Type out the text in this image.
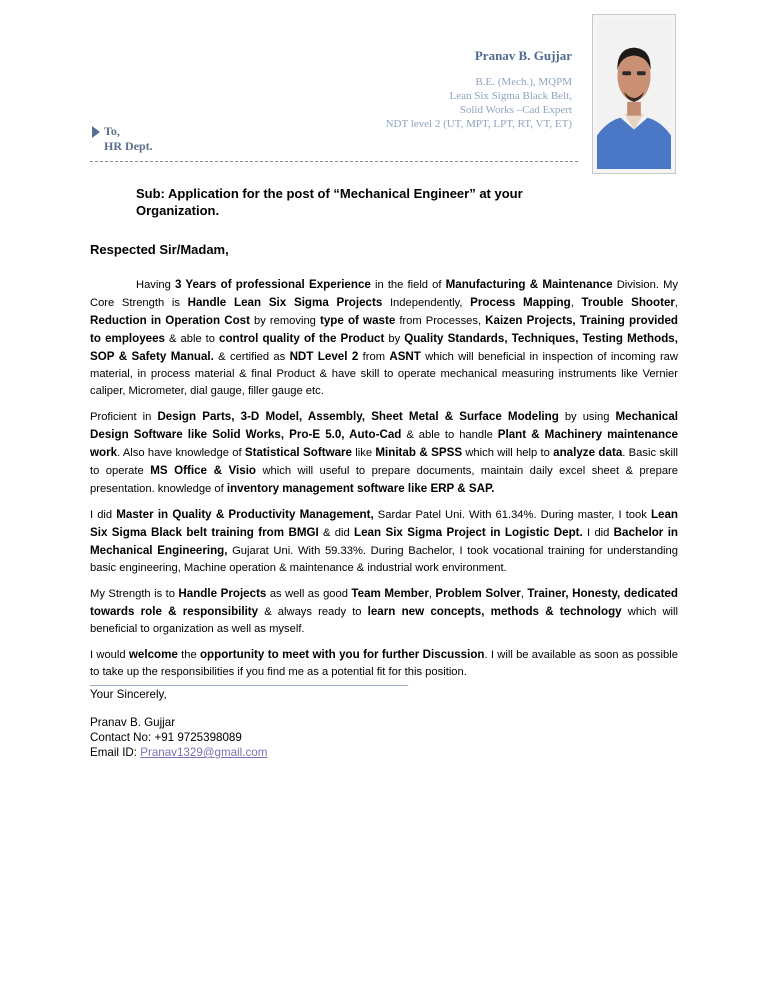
Pranav B. Gujjar
B.E. (Mech.), MQPM
Lean Six Sigma Black Belt,
Solid Works –Cad Expert
NDT level 2 (UT, MPT, LPT, RT, VT, ET)
To,
HR Dept.
Sub: Application for the post of “Mechanical Engineer” at your Organization.
Respected Sir/Madam,

Having 3 Years of professional Experience in the field of Manufacturing & Maintenance Division. My Core Strength is Handle Lean Six Sigma Projects Independently, Process Mapping, Trouble Shooter, Reduction in Operation Cost by removing type of waste from Processes, Kaizen Projects, Training provided to employees & able to control quality of the Product by Quality Standards, Techniques, Testing Methods, SOP & Safety Manual. & certified as NDT Level 2 from ASNT which will beneficial in inspection of incoming raw material, in process material & final Product & have skill to operate mechanical measuring instruments like Vernier caliper, Micrometer, dial gauge, filler gauge etc.

Proficient in Design Parts, 3-D Model, Assembly, Sheet Metal & Surface Modeling by using Mechanical Design Software like Solid Works, Pro-E 5.0, Auto-Cad & able to handle Plant & Machinery maintenance work. Also have knowledge of Statistical Software like Minitab & SPSS which will help to analyze data. Basic skill to operate MS Office & Visio which will useful to prepare documents, maintain daily excel sheet & prepare presentation. knowledge of inventory management software like ERP & SAP.

I did Master in Quality & Productivity Management, Sardar Patel Uni. With 61.34%. During master, I took Lean Six Sigma Black belt training from BMGI & did Lean Six Sigma Project in Logistic Dept. I did Bachelor in Mechanical Engineering, Gujarat Uni. With 59.33%. During Bachelor, I took vocational training for understanding basic engineering, Machine operation & maintenance & industrial work environment.

My Strength is to Handle Projects as well as good Team Member, Problem Solver, Trainer, Honesty, dedicated towards role & responsibility & always ready to learn new concepts, methods & technology which will beneficial to organization as well as myself.

I would welcome the opportunity to meet with you for further Discussion. I will be available as soon as possible to take up the responsibilities if you find me as a potential fit for this position.

Your Sincerely,
Pranav B. Gujjar
Contact No: +91 9725398089
Email ID: Pranav1329@gmail.com
